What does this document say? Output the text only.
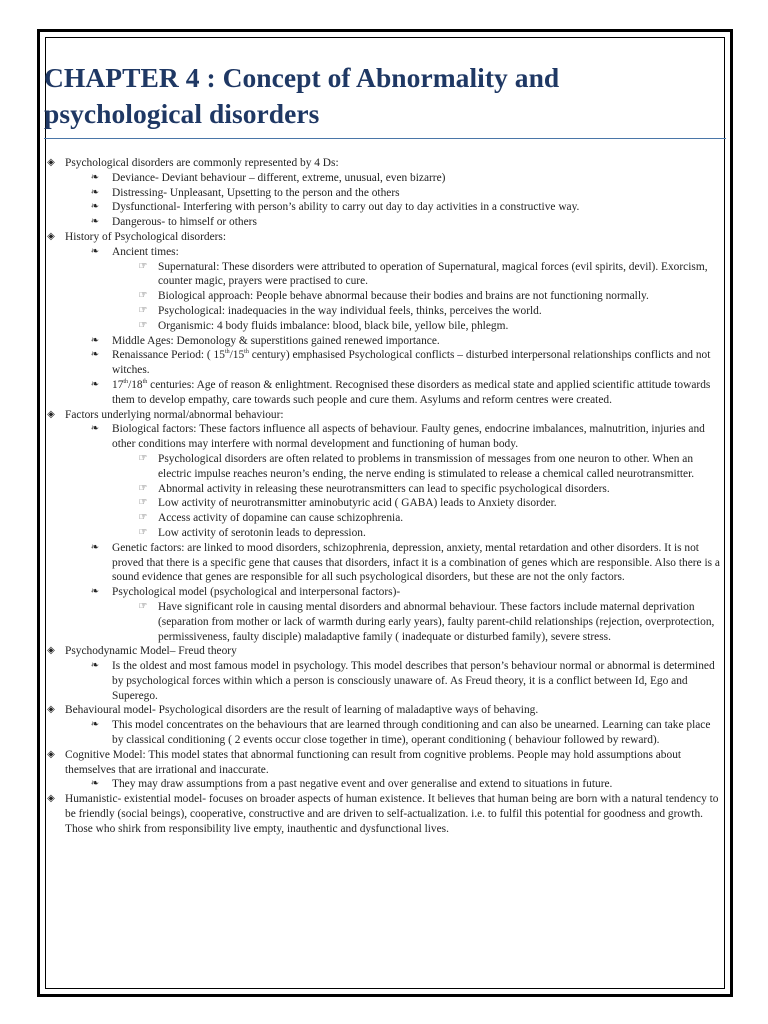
CHAPTER 4 : Concept of Abnormality and
psychological disorders
◈ Psychological disorders are commonly represented by 4 Ds:
❧ Deviance- Deviant behaviour – different, extreme, unusual, even bizarre)
❧ Distressing- Unpleasant, Upsetting to the person and the others
❧ Dysfunctional- Interfering with person’s ability to carry out day to day activities in a constructive way.
❧ Dangerous- to himself or others
◈ History of Psychological disorders:
❧ Ancient times:
☞ Supernatural: These disorders were attributed to operation of Supernatural, magical forces (evil spirits, devil). Exorcism, counter magic, prayers were practised to cure.
☞ Biological approach: People behave abnormal because their bodies and brains are not functioning normally.
☞ Psychological: inadequacies in the way individual feels, thinks, perceives the world.
☞ Organismic: 4 body fluids imbalance: blood, black bile, yellow bile, phlegm.
❧ Middle Ages: Demonology & superstitions gained renewed importance.
❧ Renaissance Period: ( 15th/15th century) emphasised Psychological conflicts – disturbed interpersonal relationships conflicts and not witches.
❧ 17th/18th centuries: Age of reason & enlightment. Recognised these disorders as medical state and applied scientific attitude towards them to develop empathy, care towards such people and cure them. Asylums and reform centres were created.
◈ Factors underlying normal/abnormal behaviour:
❧ Biological factors: These factors influence all aspects of behaviour. Faulty genes, endocrine imbalances, malnutrition, injuries and other conditions may interfere with normal development and functioning of human body.
☞ Psychological disorders are often related to problems in transmission of messages from one neuron to other. When an electric impulse reaches neuron’s ending, the nerve ending is stimulated to release a chemical called neurotransmitter.
☞ Abnormal activity in releasing these neurotransmitters can lead to specific psychological disorders.
☞ Low activity of neurotransmitter aminobutyric acid ( GABA) leads to Anxiety disorder.
☞ Access activity of dopamine can cause schizophrenia.
☞ Low activity of serotonin leads to depression.
❧ Genetic factors: are linked to mood disorders, schizophrenia, depression, anxiety, mental retardation and other disorders. It is not proved that there is a specific gene that causes that disorders, infact it is a combination of genes which are responsible. Also there is a sound evidence that genes are responsible for all such psychological disorders, but these are not the only factors.
❧ Psychological model (psychological and interpersonal factors)-
☞ Have significant role in causing mental disorders and abnormal behaviour. These factors include maternal deprivation (separation from mother or lack of warmth during early years), faulty parent-child relationships (rejection, overprotection, permissiveness, faulty disciple) maladaptive family ( inadequate or disturbed family), severe stress.
◈ Psychodynamic Model– Freud theory
❧ Is the oldest and most famous model in psychology. This model describes that person’s behaviour normal or abnormal is determined by psychological forces within which a person is consciously unaware of. As Freud theory, it is a conflict between Id, Ego and Superego.
◈ Behavioural model- Psychological disorders are the result of learning of maladaptive ways of behaving.
❧ This model concentrates on the behaviours that are learned through conditioning and can also be unearned. Learning can take place by classical conditioning ( 2 events occur close together in time), operant conditioning ( behaviour followed by reward).
◈ Cognitive Model: This model states that abnormal functioning can result from cognitive problems. People may hold assumptions about themselves that are irrational and inaccurate.
❧ They may draw assumptions from a past negative event and over generalise and extend to situations in future.
◈ Humanistic- existential model- focuses on broader aspects of human existence. It believes that human being are born with a natural tendency to be friendly (social beings), cooperative, constructive and are driven to self-actualization. i.e. to fulfil this potential for goodness and growth. Those who shirk from responsibility live empty, inauthentic and dysfunctional lives.
